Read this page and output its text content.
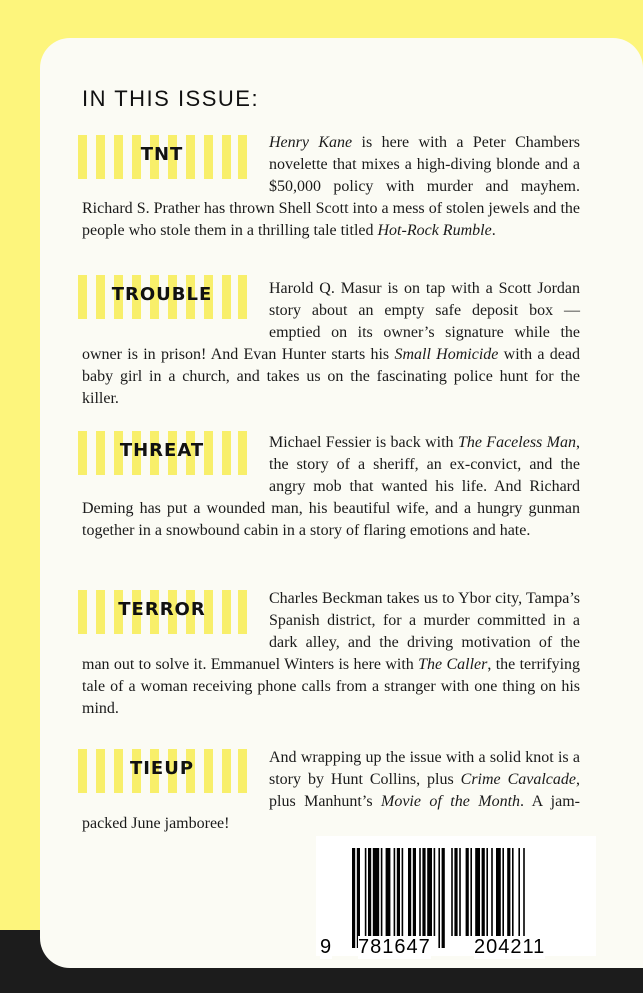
IN THIS ISSUE:
TNT
Henry Kane is here with a Peter Chambers novelette that mixes a high-diving blonde and a $50,000 policy with murder and mayhem. Richard S. Prather has thrown Shell Scott into a mess of stolen jewels and the people who stole them in a thrilling tale titled Hot-Rock Rumble.
TROUBLE	Harold Q. Masur is on tap with a Scott Jordan story about an empty safe deposit box — emptied on its owner’s signature while the owner is in prison! And Evan Hunter starts his Small Homicide with a dead baby girl in a church, and takes us on the fascinating police hunt for the killer.
THREAT	Michael Fessier is back with The Faceless Man, the story of a sheriff, an ex-convict, and the angry mob that wanted his life. And Richard Deming has put a wounded man, his beautiful wife, and a hungry gunman together in a snowbound cabin in a story of flaring emotions and hate.
TERROR
Charles Beckman takes us to Ybor city, Tampa’s Spanish district, for a murder committed in a dark alley, and the driving motivation of the man out to solve it. Emmanuel Winters is here with The Caller, the terrifying tale of a woman receiving phone calls from a stranger with one thing on his mind.
TIEUP
And wrapping up the issue with a solid knot is a story by Hunt Collins, plus Crime Cavalcade, plus Manhunt’s Movie of the Month. A jam-packed June jamboree!
9 781647 204211
